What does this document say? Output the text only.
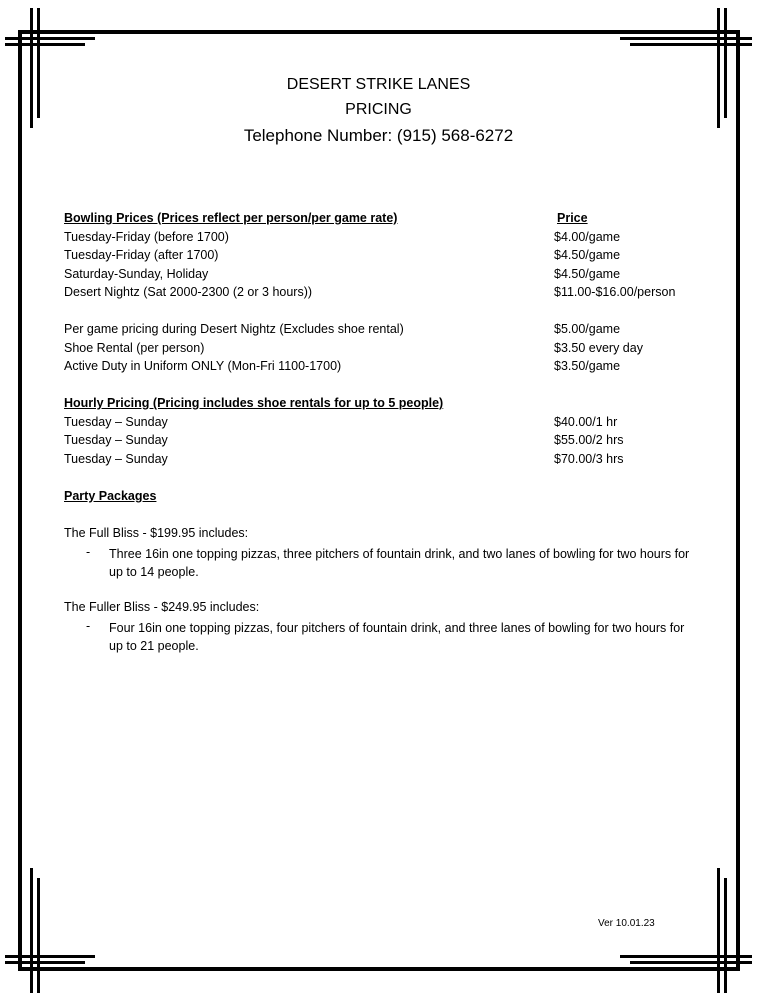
DESERT STRIKE LANES
PRICING
Telephone Number: (915) 568-6272
Bowling Prices (Prices reflect per person/per game rate)	Price
Tuesday-Friday (before 1700)	$4.00/game
Tuesday-Friday (after 1700)	$4.50/game
Saturday-Sunday, Holiday	$4.50/game
Desert Nightz (Sat 2000-2300 (2 or 3 hours))	$11.00-$16.00/person
Per game pricing during Desert Nightz (Excludes shoe rental)	$5.00/game
Shoe Rental (per person)	$3.50 every day
Active Duty in Uniform ONLY (Mon-Fri 1100-1700)	$3.50/game
Hourly Pricing (Pricing includes shoe rentals for up to 5 people)
Tuesday – Sunday	$40.00/1 hr
Tuesday – Sunday	$55.00/2 hrs
Tuesday – Sunday	$70.00/3 hrs
Party Packages
The Full Bliss - $199.95 includes:
- Three 16in one topping pizzas, three pitchers of fountain drink, and two lanes of bowling for two hours for up to 14 people.
The Fuller Bliss - $249.95 includes:
- Four 16in one topping pizzas, four pitchers of fountain drink, and three lanes of bowling for two hours for up to 21 people.
Ver 10.01.23
